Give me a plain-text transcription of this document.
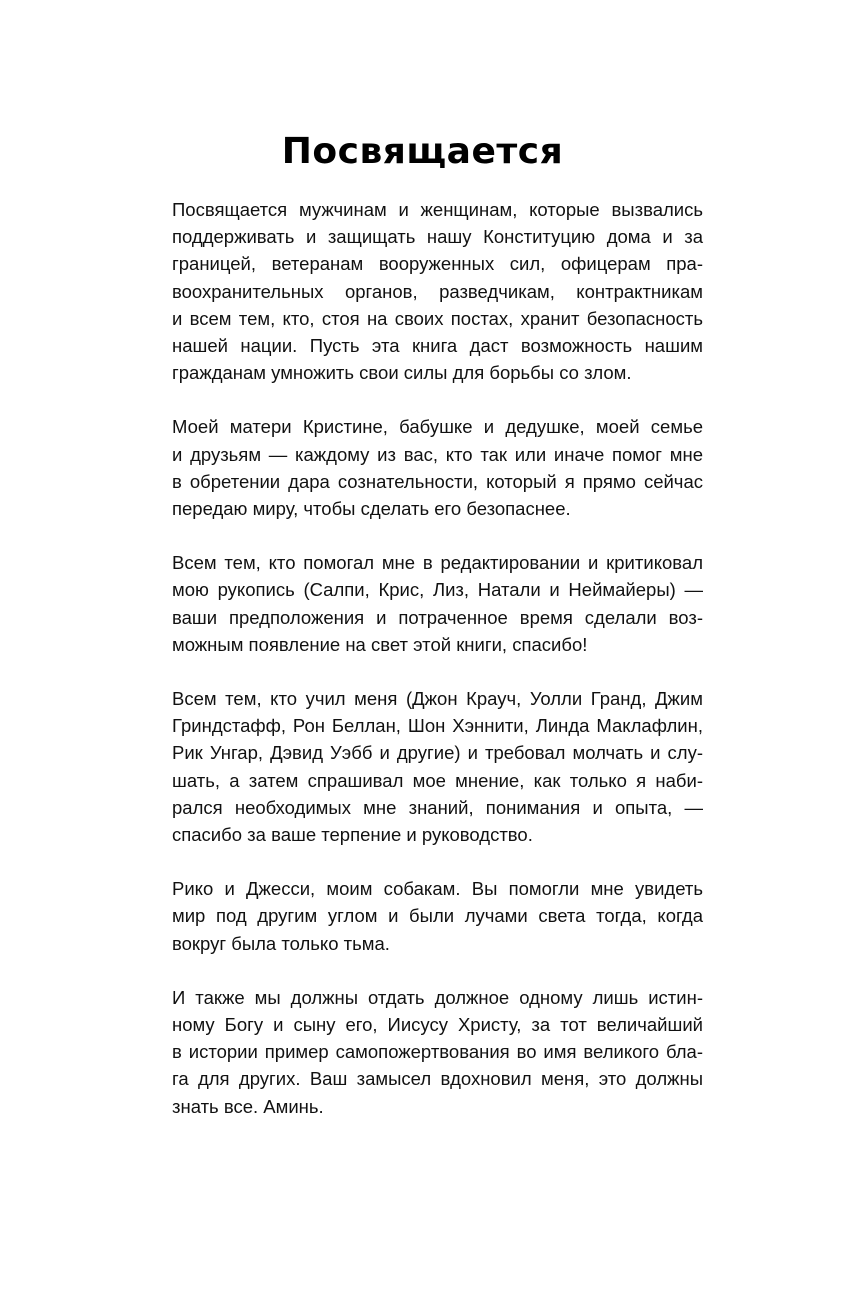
Посвящается

Посвящается мужчинам и женщинам, которые вызвались
поддерживать и защищать нашу Конституцию дома и за
границей, ветеранам вооруженных сил, офицерам пра-
воохранительных органов, разведчикам, контрактникам
и всем тем, кто, стоя на своих постах, хранит безопасность
нашей нации. Пусть эта книга даст возможность нашим
гражданам умножить свои силы для борьбы со злом.

Моей матери Кристине, бабушке и дедушке, моей семье
и друзьям — каждому из вас, кто так или иначе помог мне
в обретении дара сознательности, который я прямо сейчас
передаю миру, чтобы сделать его безопаснее.

Всем тем, кто помогал мне в редактировании и критиковал
мою рукопись (Салпи, Крис, Лиз, Натали и Неймайеры) —
ваши предположения и потраченное время сделали воз-
можным появление на свет этой книги, спасибо!

Всем тем, кто учил меня (Джон Крауч, Уолли Гранд, Джим
Гриндстафф, Рон Беллан, Шон Хэннити, Линда Маклафлин,
Рик Унгар, Дэвид Уэбб и другие) и требовал молчать и слу-
шать, а затем спрашивал мое мнение, как только я наби-
рался необходимых мне знаний, понимания и опыта, —
спасибо за ваше терпение и руководство.

Рико и Джесси, моим собакам. Вы помогли мне увидеть
мир под другим углом и были лучами света тогда, когда
вокруг была только тьма.

И также мы должны отдать должное одному лишь истин-
ному Богу и сыну его, Иисусу Христу, за тот величайший
в истории пример самопожертвования во имя великого бла-
га для других. Ваш замысел вдохновил меня, это должны
знать все. Аминь.
